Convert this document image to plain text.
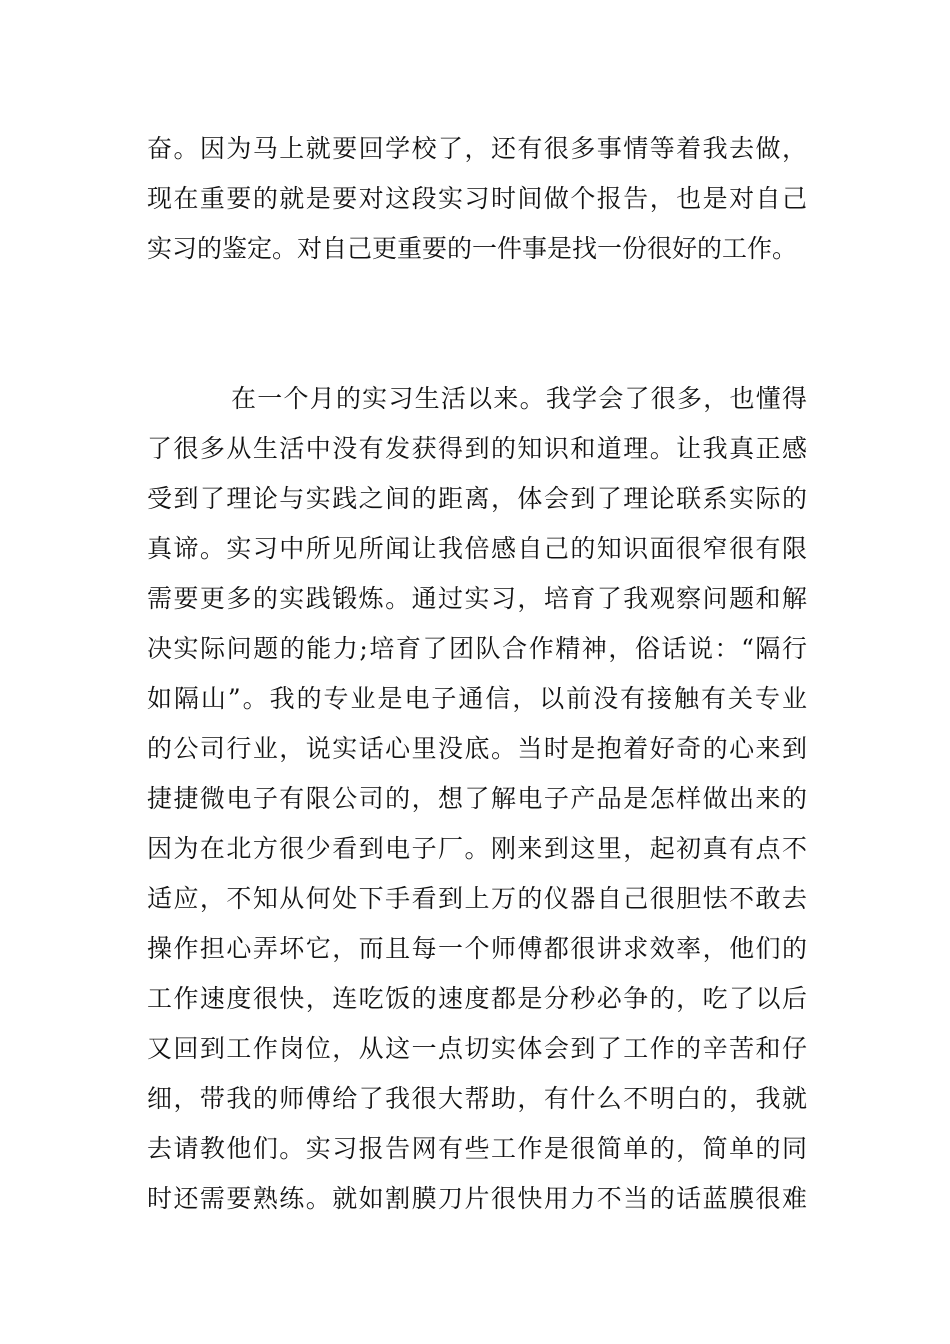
奋。因为马上就要回学校了，还有很多事情等着我去做，
现在重要的就是要对这段实习时间做个报告，也是对自己
实习的鉴定。对自己更重要的一件事是找一份很好的工作。
在一个月的实习生活以来。我学会了很多，也懂得
了很多从生活中没有发获得到的知识和道理。让我真正感
受到了理论与实践之间的距离，体会到了理论联系实际的
真谛。实习中所见所闻让我倍感自己的知识面很窄很有限
需要更多的实践锻炼。通过实习，培育了我观察问题和解
决实际问题的能力;培育了团队合作精神，俗话说：“隔行
如隔山”。我的专业是电子通信，以前没有接触有关专业
的公司行业，说实话心里没底。当时是抱着好奇的心来到
捷捷微电子有限公司的，想了解电子产品是怎样做出来的
因为在北方很少看到电子厂。刚来到这里，起初真有点不
适应，不知从何处下手看到上万的仪器自己很胆怯不敢去
操作担心弄坏它，而且每一个师傅都很讲求效率，他们的
工作速度很快，连吃饭的速度都是分秒必争的，吃了以后
又回到工作岗位，从这一点切实体会到了工作的辛苦和仔
细，带我的师傅给了我很大帮助，有什么不明白的，我就
去请教他们。实习报告网有些工作是很简单的，简单的同
时还需要熟练。就如割膜刀片很快用力不当的话蓝膜很难
